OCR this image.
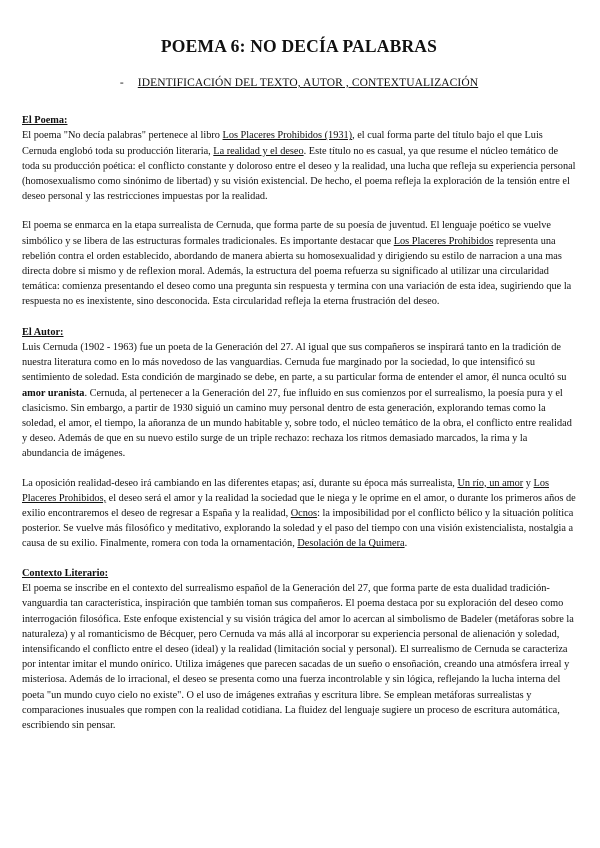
POEMA 6: NO DECÍA PALABRAS
- IDENTIFICACIÓN DEL TEXTO, AUTOR , CONTEXTUALIZACIÓN
El Poema:

El poema "No decía palabras" pertenece al libro Los Placeres Prohibidos (1931), el cual forma parte del título bajo el que Luis Cernuda englobó toda su producción literaria, La realidad y el deseo. Este título no es casual, ya que resume el núcleo temático de toda su producción poética: el conflicto constante y doloroso entre el deseo y la realidad, una lucha que refleja su experiencia personal (homosexualismo como sinónimo de libertad) y su visión existencial. De hecho, el poema refleja la exploración de la tensión entre el deseo personal y las restricciones impuestas por la realidad.

El poema se enmarca en la etapa surrealista de Cernuda, que forma parte de su poesía de juventud. El lenguaje poético se vuelve simbólico y se libera de las estructuras formales tradicionales. Es importante destacar que Los Placeres Prohibidos representa una rebelión contra el orden establecido, abordando de manera abierta su homosexualidad y dirigiendo su estilo de narracion a una mas directa dobre si mismo y de reflexion moral. Además, la estructura del poema refuerza su significado al utilizar una circularidad temática: comienza presentando el deseo como una pregunta sin respuesta y termina con una variación de esta idea, sugiriendo que la respuesta no es inexistente, sino desconocida. Esta circularidad refleja la eterna frustración del deseo.

El Autor:

Luis Cernuda (1902 - 1963) fue un poeta de la Generación del 27. Al igual que sus compañeros se inspirará tanto en la tradición de nuestra literatura como en lo más novedoso de las vanguardias. Cernuda fue marginado por la sociedad, lo que intensificó su sentimiento de soledad. Esta condición de marginado se debe, en parte, a su particular forma de entender el amor, él nunca ocultó su amor uranista. Cernuda, al pertenecer a la Generación del 27, fue influido en sus comienzos por el surrealismo, la poesía pura y el clasicismo. Sin embargo, a partir de 1930 siguió un camino muy personal dentro de esta generación, explorando temas como la soledad, el amor, el tiempo, la añoranza de un mundo habitable y, sobre todo, el núcleo temático de la obra, el conflicto entre realidad y deseo. Además de que en su nuevo estilo surge de un triple rechazo: rechaza los ritmos demasiado marcados, la rima y la abundancia de imágenes.

La oposición realidad-deseo irá cambiando en las diferentes etapas; así, durante su época más surrealista, Un río, un amor y Los Placeres Prohibidos, el deseo será el amor y la realidad la sociedad que le niega y le oprime en el amor, o durante los primeros años de exilio encontraremos el deseo de regresar a España y la realidad, Ocnos: la imposibilidad por el conflicto bélico y la situación política posterior. Se vuelve más filosófico y meditativo, explorando la soledad y el paso del tiempo con una visión existencialista, nostalgia a causa de su exilio. Finalmente, romera con toda la ornamentación, Desolación de la Quimera.

Contexto Literario:

El poema se inscribe en el contexto del surrealismo español de la Generación del 27, que forma parte de esta dualidad tradición-vanguardia tan característica, inspiración que también toman sus compañeros. El poema destaca por su exploración del deseo como interrogación filosófica. Este enfoque existencial y su visión trágica del amor lo acercan al simbolismo de Badeler (metáforas sobre la naturaleza) y al romanticismo de Bécquer, pero Cernuda va más allá al incorporar su experiencia personal de alienación y soledad, intensificando el conflicto entre el deseo (ideal) y la realidad (limitación social y personal). El surrealismo de Cernuda se caracteriza por intentar imitar el mundo onírico. Utiliza imágenes que parecen sacadas de un sueño o ensoñación, creando una atmósfera irreal y misteriosa. Además de lo irracional, el deseo se presenta como una fuerza incontrolable y sin lógica, reflejando la lucha interna del poeta "un mundo cuyo cielo no existe". O el uso de imágenes extrañas y escritura libre. Se emplean metáforas surrealistas y comparaciones inusuales que rompen con la realidad cotidiana. La fluidez del lenguaje sugiere un proceso de escritura automática, escribiendo sin pensar.
